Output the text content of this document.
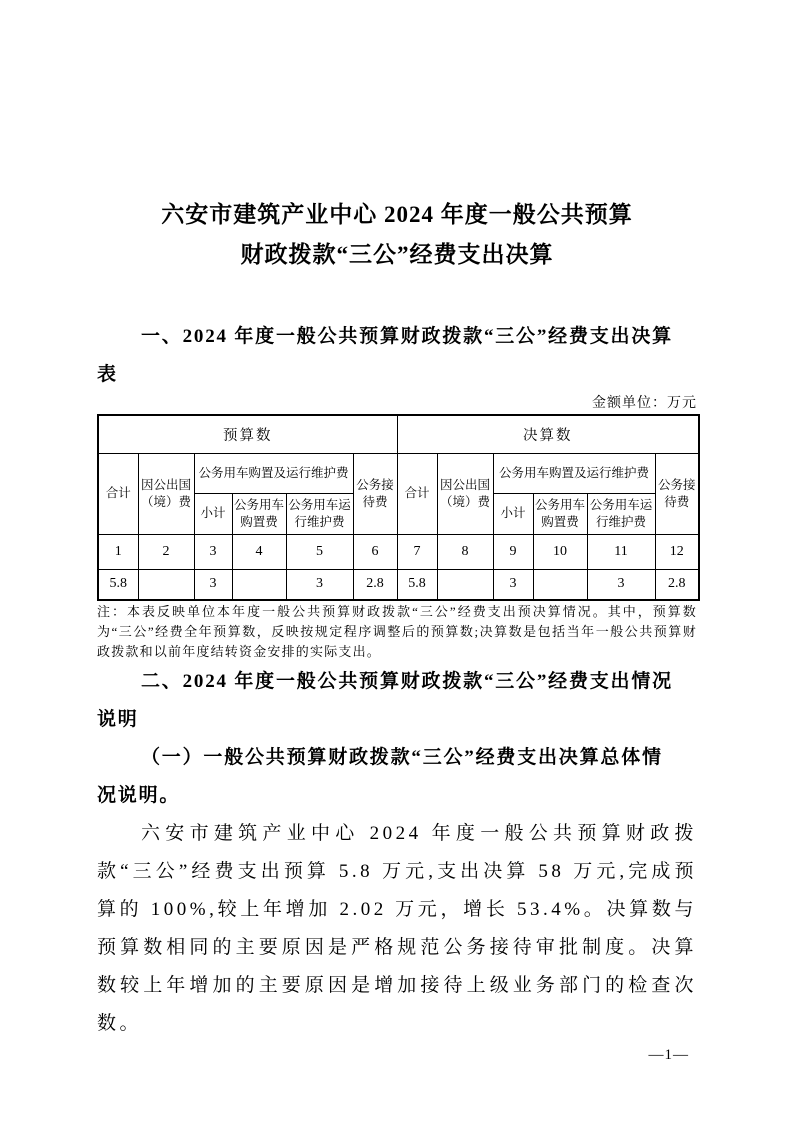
六安市建筑产业中心 2024 年度一般公共预算
财政拨款“三公”经费支出决算
一、2024 年度一般公共预算财政拨款“三公”经费支出决算
表
金额单位：万元
预算数						决算数					
合计	因公出国（境）费	公务用车购置及运行维护费			公务接待费	合计	因公出国（境）费	公务用车购置及运行维护费			公务接待费
		小计	公务用车购置费	公务用车运行维护费				小计	公务用车购置费	公务用车运行维护费	
1	2	3	4	5	6	7	8	9	10	11	12
5.8		3		3	2.8	5.8		3		3	2.8
注：本表反映单位本年度一般公共预算财政拨款“三公”经费支出预决算情况。其中，预算数为“三公”经费全年预算数，反映按规定程序调整后的预算数;决算数是包括当年一般公共预算财政拨款和以前年度结转资金安排的实际支出。
二、2024 年度一般公共预算财政拨款“三公”经费支出情况
说明
（一）一般公共预算财政拨款“三公”经费支出决算总体情
况说明。

六安市建筑产业中心 2024 年度一般公共预算财政拨款“三公”经费支出预算 5.8 万元,支出决算 58 万元,完成预算的 100%,较上年增加 2.02 万元，增长 53.4%。决算数与预算数相同的主要原因是严格规范公务接待审批制度。决算数较上年增加的主要原因是增加接待上级业务部门的检查次数。

—1—
